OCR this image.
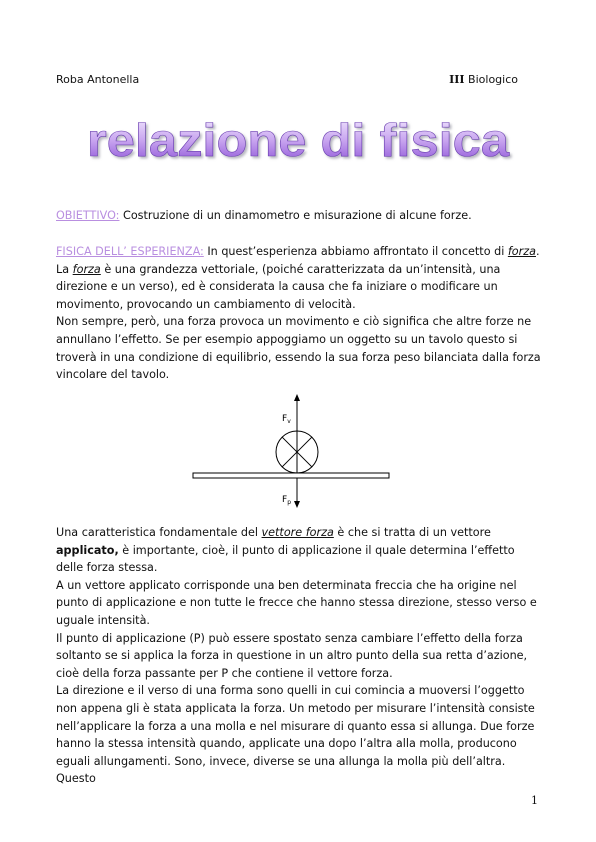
Roba Antonella	III Biologico
relazione di fisica
OBIETTIVO: Costruzione di un dinamometro e misurazione di alcune forze.

FISICA DELL’ ESPERIENZA: In quest’esperienza abbiamo affrontato il concetto di forza. La forza è una grandezza vettoriale, (poiché caratterizzata da un’intensità, una direzione e un verso), ed è considerata la causa che fa iniziare o modificare un movimento, provocando un cambiamento di velocità.

Non sempre, però, una forza provoca un movimento e ciò significa che altre forze ne annullano l’effetto. Se per esempio appoggiamo un oggetto su un tavolo questo si troverà in una condizione di equilibrio, essendo la sua forza peso bilanciata dalla forza vincolare del tavolo.

$F_v$
$F_p$

Una caratteristica fondamentale del vettore forza è che si tratta di un vettore applicato, è importante, cioè, il punto di applicazione il quale determina l’effetto delle forza stessa.

A un vettore applicato corrisponde una ben determinata freccia che ha origine nel punto di applicazione e non tutte le frecce che hanno stessa direzione, stesso verso e uguale intensità.

Il punto di applicazione (P) può essere spostato senza cambiare l’effetto della forza soltanto se si applica la forza in questione in un altro punto della sua retta d’azione, cioè della forza passante per P che contiene il vettore forza.

La direzione e il verso di una forma sono quelli in cui comincia a muoversi l’oggetto non appena gli è stata applicata la forza. Un metodo per misurare l’intensità consiste nell’applicare la forza a una molla e nel misurare di quanto essa si allunga. Due forze hanno la stessa intensità quando, applicate una dopo l’altra alla molla, producono eguali allungamenti. Sono, invece, diverse se una allunga la molla più dell’altra. Questo

1
